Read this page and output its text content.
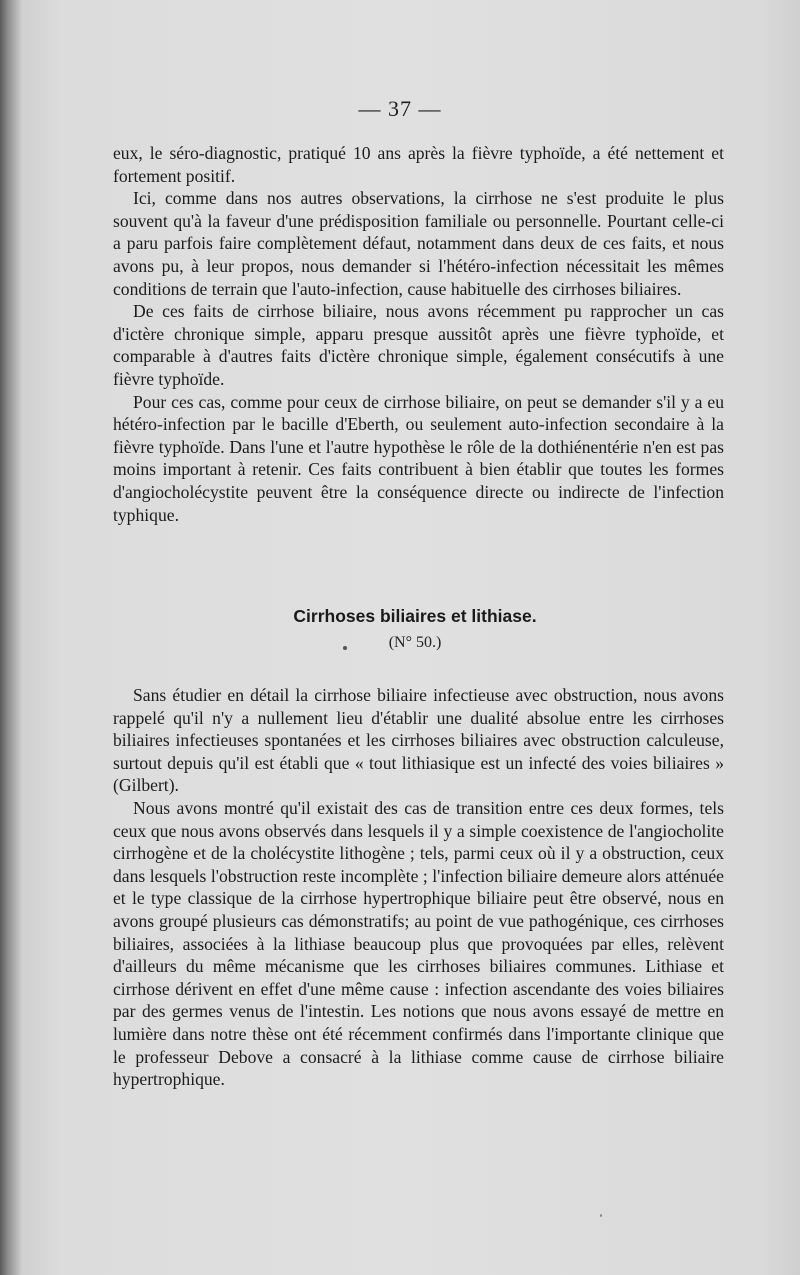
— 37 —

eux, le séro-diagnostic, pratiqué 10 ans après la fièvre typhoïde, a été nettement et fortement positif.

Ici, comme dans nos autres observations, la cirrhose ne s'est produite le plus souvent qu'à la faveur d'une prédisposition familiale ou personnelle. Pourtant celle-ci a paru parfois faire complètement défaut, notamment dans deux de ces faits, et nous avons pu, à leur propos, nous demander si l'hétéro-infection nécessitait les mêmes conditions de terrain que l'auto-infection, cause habituelle des cirrhoses biliaires.

De ces faits de cirrhose biliaire, nous avons récemment pu rapprocher un cas d'ictère chronique simple, apparu presque aussitôt après une fièvre typhoïde, et comparable à d'autres faits d'ictère chronique simple, également consécutifs à une fièvre typhoïde.

Pour ces cas, comme pour ceux de cirrhose biliaire, on peut se demander s'il y a eu hétéro-infection par le bacille d'Eberth, ou seulement auto-infection secondaire à la fièvre typhoïde. Dans l'une et l'autre hypothèse le rôle de la dothiénentérie n'en est pas moins important à retenir. Ces faits contribuent à bien établir que toutes les formes d'angiocholécystite peuvent être la conséquence directe ou indirecte de l'infection typhique.

Cirrhoses biliaires et lithiase.
(N° 50.)

Sans étudier en détail la cirrhose biliaire infectieuse avec obstruction, nous avons rappelé qu'il n'y a nullement lieu d'établir une dualité absolue entre les cirrhoses biliaires infectieuses spontanées et les cirrhoses biliaires avec obstruction calculeuse, surtout depuis qu'il est établi que « tout lithiasique est un infecté des voies biliaires » (Gilbert).

Nous avons montré qu'il existait des cas de transition entre ces deux formes, tels ceux que nous avons observés dans lesquels il y a simple coexistence de l'angiocholite cirrhogène et de la cholécystite lithogène ; tels, parmi ceux où il y a obstruction, ceux dans lesquels l'obstruction reste incomplète ; l'infection biliaire demeure alors atténuée et le type classique de la cirrhose hypertrophique biliaire peut être observé, nous en avons groupé plusieurs cas démonstratifs; au point de vue pathogénique, ces cirrhoses biliaires, associées à la lithiase beaucoup plus que provoquées par elles, relèvent d'ailleurs du même mécanisme que les cirrhoses biliaires communes. Lithiase et cirrhose dérivent en effet d'une même cause : infection ascendante des voies biliaires par des germes venus de l'intestin. Les notions que nous avons essayé de mettre en lumière dans notre thèse ont été récemment confirmés dans l'importante clinique que le professeur Debove a consacré à la lithiase comme cause de cirrhose biliaire hypertrophique.
